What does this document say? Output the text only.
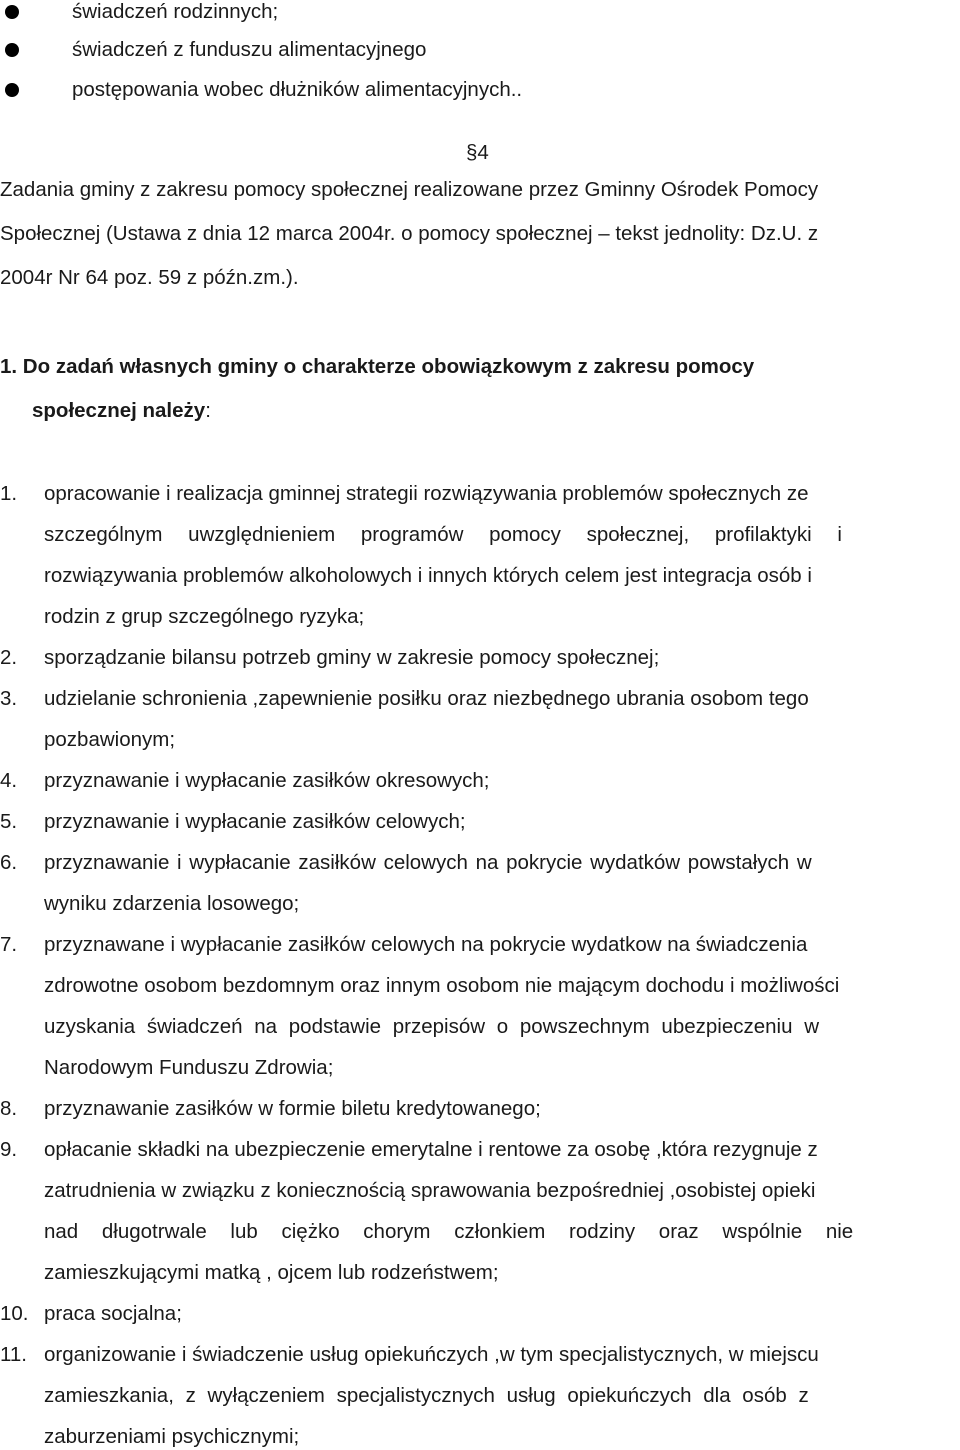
świadczeń rodzinnych;
świadczeń z funduszu alimentacyjnego
postępowania wobec dłużników alimentacyjnych..
§4
Zadania gminy z zakresu pomocy społecznej realizowane przez Gminny Ośrodek Pomocy
Społecznej (Ustawa z dnia 12 marca 2004r. o pomocy społecznej – tekst jednolity: Dz.U. z
2004r Nr 64 poz. 59 z późn.zm.).
1. Do zadań własnych gminy o charakterze obowiązkowym z zakresu pomocy
społecznej należy:
1. opracowanie i realizacja gminnej strategii rozwiązywania problemów społecznych ze
szczególnym uwzględnieniem programów pomocy społecznej, profilaktyki i
rozwiązywania problemów alkoholowych i innych których celem jest integracja osób i
rodzin z grup szczególnego ryzyka;
2. sporządzanie bilansu potrzeb gminy w zakresie pomocy społecznej;
3. udzielanie schronienia ,zapewnienie posiłku oraz niezbędnego ubrania osobom tego
pozbawionym;
4. przyznawanie i wypłacanie zasiłków okresowych;
5. przyznawanie i wypłacanie zasiłków celowych;
6. przyznawanie i wypłacanie zasiłków celowych na pokrycie wydatków powstałych w
wyniku zdarzenia losowego;
7. przyznawane i wypłacanie zasiłków celowych na pokrycie wydatkow na świadczenia
zdrowotne osobom bezdomnym oraz innym osobom nie mającym dochodu i możliwości
uzyskania świadczeń na podstawie przepisów o powszechnym ubezpieczeniu w
Narodowym Funduszu Zdrowia;
8. przyznawanie zasiłków w formie biletu kredytowanego;
9. opłacanie składki na ubezpieczenie emerytalne i rentowe za osobę ,która rezygnuje z
zatrudnienia w związku z koniecznością sprawowania bezpośredniej ,osobistej opieki
nad długotrwale lub ciężko chorym członkiem rodziny oraz wspólnie nie
zamieszkującymi matką , ojcem lub rodzeństwem;
10. praca socjalna;
11. organizowanie i świadczenie usług opiekuńczych ,w tym specjalistycznych, w miejscu
zamieszkania, z wyłączeniem specjalistycznych usług opiekuńczych dla osób z
zaburzeniami psychicznymi;
